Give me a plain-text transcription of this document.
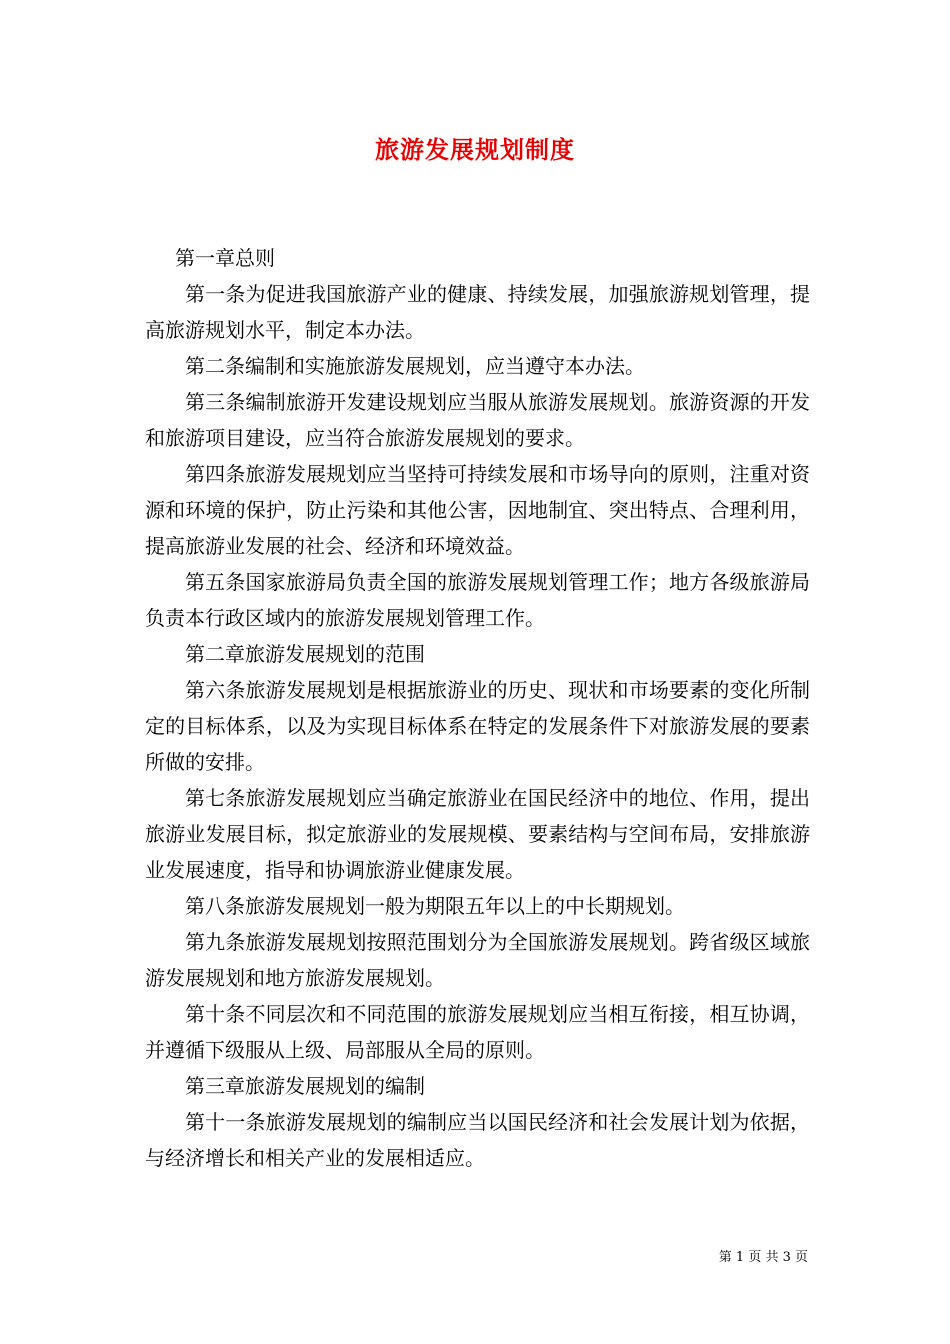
旅游发展规划制度

第一章总则

第一条为促进我国旅游产业的健康、持续发展，加强旅游规划管理，提高旅游规划水平，制定本办法。

第二条编制和实施旅游发展规划，应当遵守本办法。

第三条编制旅游开发建设规划应当服从旅游发展规划。旅游资源的开发和旅游项目建设，应当符合旅游发展规划的要求。

第四条旅游发展规划应当坚持可持续发展和市场导向的原则，注重对资源和环境的保护，防止污染和其他公害，因地制宜、突出特点、合理利用，提高旅游业发展的社会、经济和环境效益。

第五条国家旅游局负责全国的旅游发展规划管理工作；地方各级旅游局负责本行政区域内的旅游发展规划管理工作。

第二章旅游发展规划的范围

第六条旅游发展规划是根据旅游业的历史、现状和市场要素的变化所制定的目标体系，以及为实现目标体系在特定的发展条件下对旅游发展的要素所做的安排。

第七条旅游发展规划应当确定旅游业在国民经济中的地位、作用，提出旅游业发展目标，拟定旅游业的发展规模、要素结构与空间布局，安排旅游业发展速度，指导和协调旅游业健康发展。

第八条旅游发展规划一般为期限五年以上的中长期规划。

第九条旅游发展规划按照范围划分为全国旅游发展规划。跨省级区域旅游发展规划和地方旅游发展规划。

第十条不同层次和不同范围的旅游发展规划应当相互衔接，相互协调，并遵循下级服从上级、局部服从全局的原则。

第三章旅游发展规划的编制

第十一条旅游发展规划的编制应当以国民经济和社会发展计划为依据，与经济增长和相关产业的发展相适应。

第 1 页 共 3 页
